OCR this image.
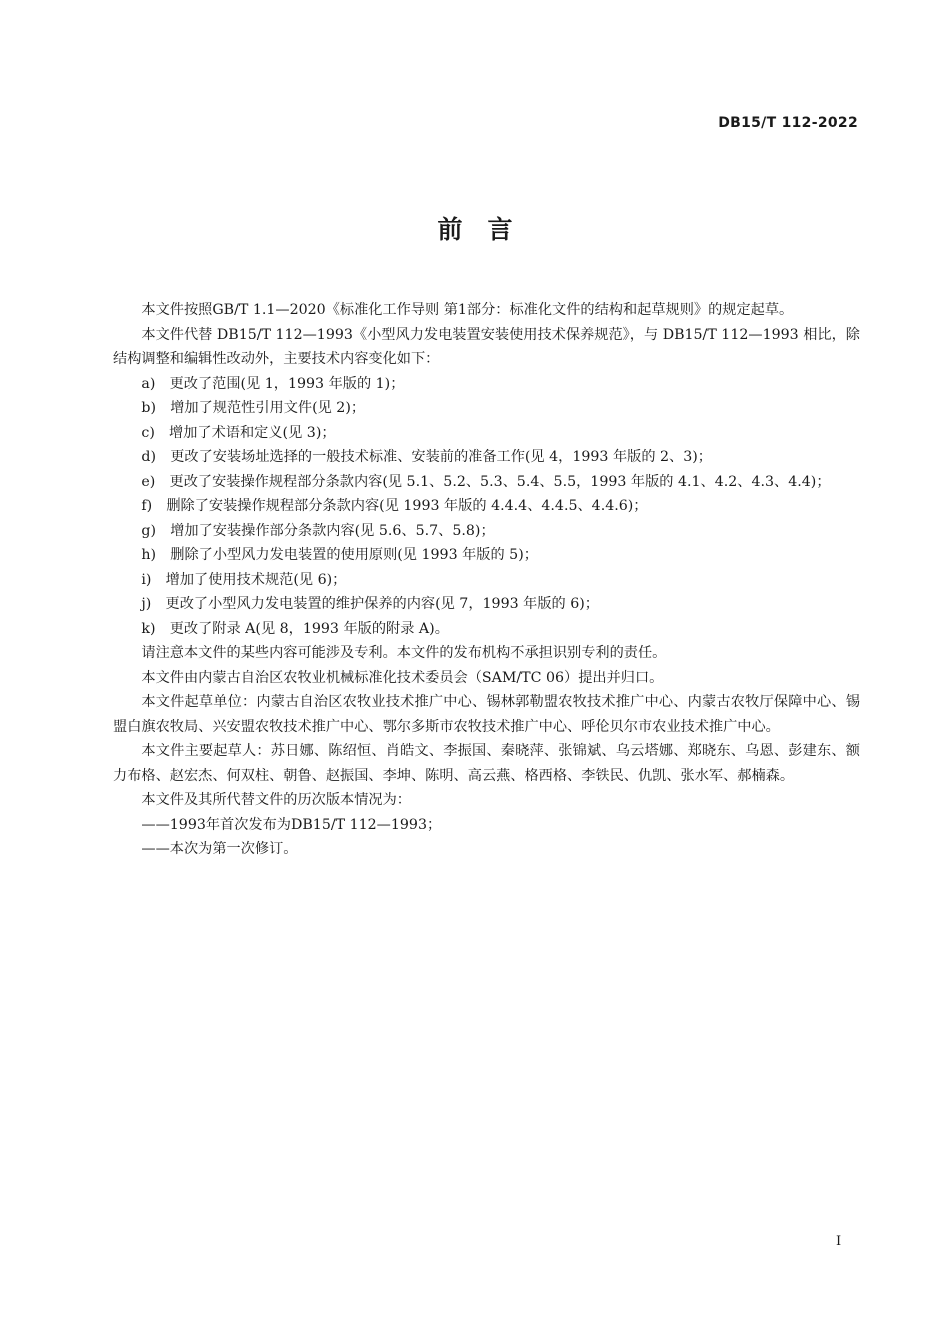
DB15/T 112-2022
前　言

本文件按照GB/T 1.1—2020《标准化工作导则 第1部分：标准化文件的结构和起草规则》的规定起草。

本文件代替 DB15/T 112—1993《小型风力发电装置安装使用技术保养规范》，与 DB15/T 112—1993 相比，除结构调整和编辑性改动外，主要技术内容变化如下：

a)　更改了范围(见 1，1993 年版的 1)；

b)　增加了规范性引用文件(见 2)；

c)　增加了术语和定义(见 3)；

d)　更改了安装场址选择的一般技术标准、安装前的准备工作(见 4，1993 年版的 2、3)；

e)　更改了安装操作规程部分条款内容(见 5.1、5.2、5.3、5.4、5.5，1993 年版的 4.1、4.2、4.3、4.4)；

f)　删除了安装操作规程部分条款内容(见 1993 年版的 4.4.4、4.4.5、4.4.6)；

g)　增加了安装操作部分条款内容(见 5.6、5.7、5.8)；

h)　删除了小型风力发电装置的使用原则(见 1993 年版的 5)；

i)　增加了使用技术规范(见 6)；

j)　更改了小型风力发电装置的维护保养的内容(见 7，1993 年版的 6)；

k)　更改了附录 A(见 8，1993 年版的附录 A)。

请注意本文件的某些内容可能涉及专利。本文件的发布机构不承担识别专利的责任。

本文件由内蒙古自治区农牧业机械标准化技术委员会（SAM/TC 06）提出并归口。

本文件起草单位：内蒙古自治区农牧业技术推广中心、锡林郭勒盟农牧技术推广中心、内蒙古农牧厅保障中心、锡盟白旗农牧局、兴安盟农牧技术推广中心、鄂尔多斯市农牧技术推广中心、呼伦贝尔市农业技术推广中心。

本文件主要起草人：苏日娜、陈绍恒、肖皓文、李振国、秦晓萍、张锦斌、乌云塔娜、郑晓东、乌恩、彭建东、额力布格、赵宏杰、何双柱、朝鲁、赵振国、李坤、陈明、高云燕、格西格、李铁民、仇凯、张水军、郝楠森。

本文件及其所代替文件的历次版本情况为：

——1993年首次发布为DB15/T 112—1993；

——本次为第一次修订。

I
